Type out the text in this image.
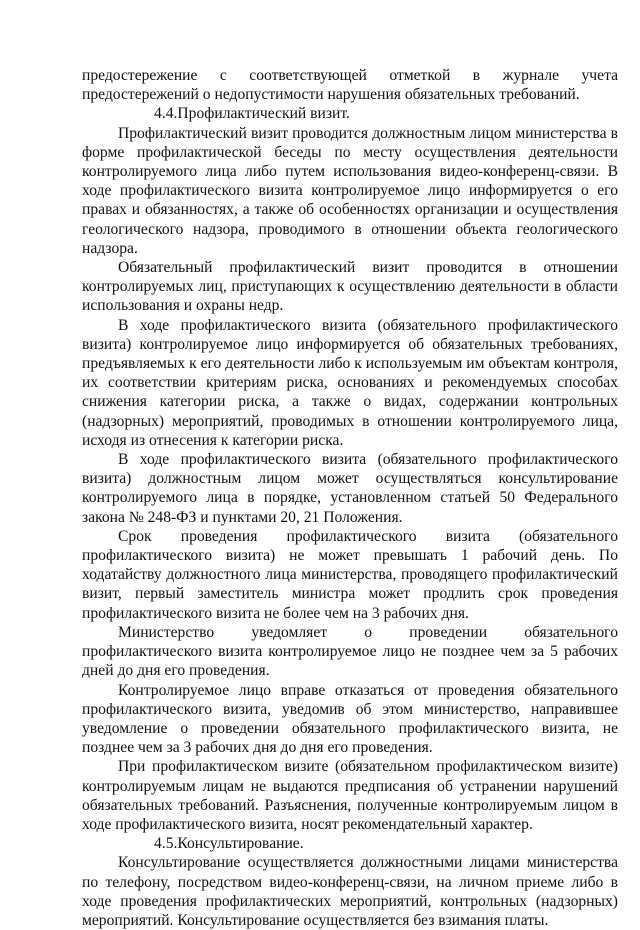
предостережение с соответствующей отметкой в журнале учета предостережений о недопустимости нарушения обязательных требований.

4.4.Профилактический визит.

Профилактический визит проводится должностным лицом министерства в форме профилактической беседы по месту осуществления деятельности контролируемого лица либо путем использования видео-конференц-связи. В ходе профилактического визита контролируемое лицо информируется о его правах и обязанностях, а также об особенностях организации и осуществления геологического надзора, проводимого в отношении объекта геологического надзора.

Обязательный профилактический визит проводится в отношении контролируемых лиц, приступающих к осуществлению деятельности в области использования и охраны недр.

В ходе профилактического визита (обязательного профилактического визита) контролируемое лицо информируется об обязательных требованиях, предъявляемых к его деятельности либо к используемым им объектам контроля, их соответствии критериям риска, основаниях и рекомендуемых способах снижения категории риска, а также о видах, содержании контрольных (надзорных) мероприятий, проводимых в отношении контролируемого лица, исходя из отнесения к категории риска.

В ходе профилактического визита (обязательного профилактического визита) должностным лицом может осуществляться консультирование контролируемого лица в порядке, установленном статьей 50 Федерального закона № 248-ФЗ и пунктами 20, 21 Положения.

Срок проведения профилактического визита (обязательного профилактического визита) не может превышать 1 рабочий день. По ходатайству должностного лица министерства, проводящего профилактический визит, первый заместитель министра может продлить срок проведения профилактического визита не более чем на 3 рабочих дня.

Министерство уведомляет о проведении обязательного профилактического визита контролируемое лицо не позднее чем за 5 рабочих дней до дня его проведения.

Контролируемое лицо вправе отказаться от проведения обязательного профилактического визита, уведомив об этом министерство, направившее уведомление о проведении обязательного профилактического визита, не позднее чем за 3 рабочих дня до дня его проведения.

При профилактическом визите (обязательном профилактическом визите) контролируемым лицам не выдаются предписания об устранении нарушений обязательных требований. Разъяснения, полученные контролируемым лицом в ходе профилактического визита, носят рекомендательный характер.

4.5.Консультирование.

Консультирование осуществляется должностными лицами министерства по телефону, посредством видео-конференц-связи, на личном приеме либо в ходе проведения профилактических мероприятий, контрольных (надзорных) мероприятий. Консультирование осуществляется без взимания платы.
